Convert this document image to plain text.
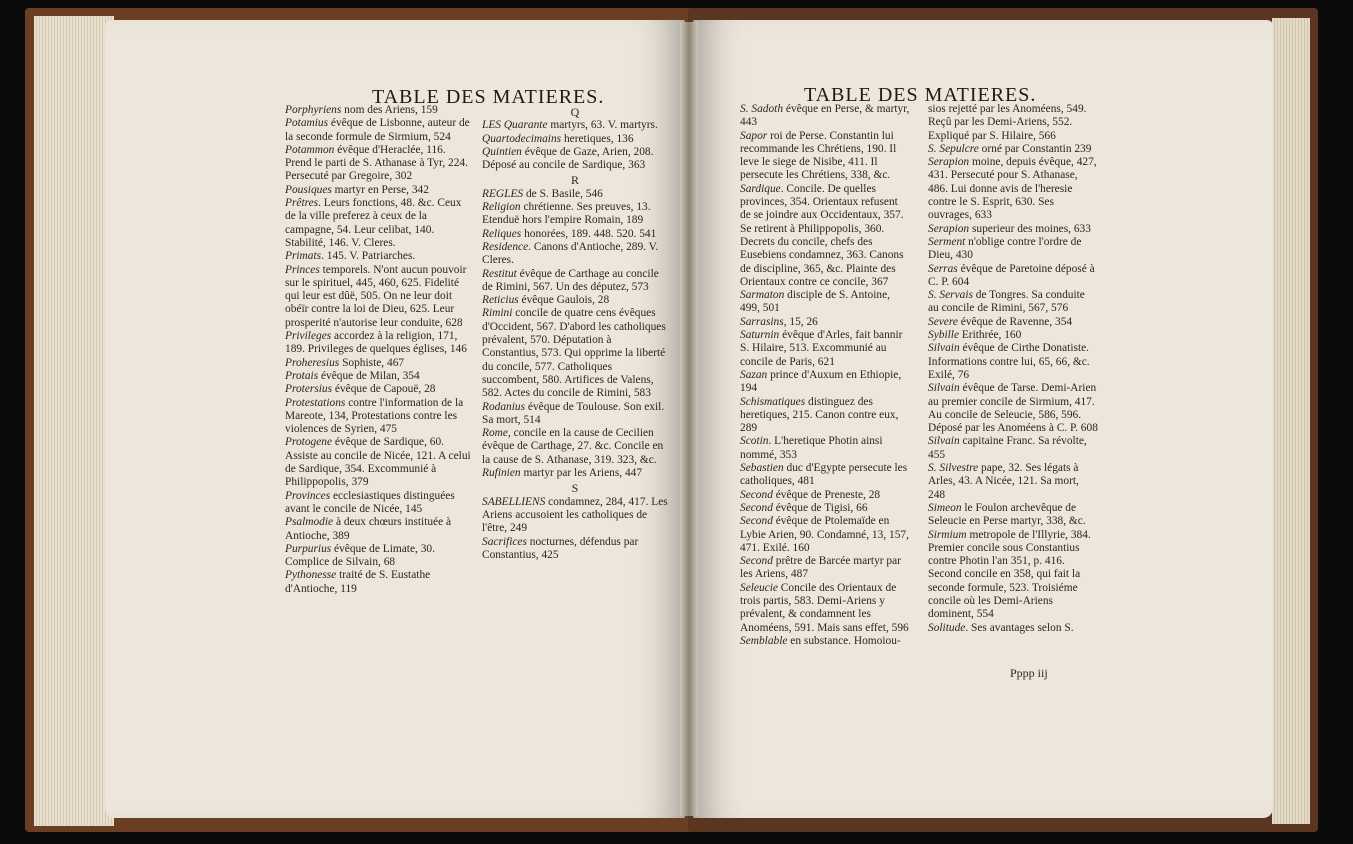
TABLE DES MATIERES.	TABLE DES MATIERES.

Porphyriens nom des Ariens, 159

Potamius évêque de Lisbonne, auteur de la seconde formule de Sirmium, 524

Potammon évêque d'Heraclée, 116. Prend le parti de S. Athanase à Tyr, 224. Persecuté par Gregoire, 302

Pousiques martyr en Perse, 342

Prêtres. Leurs fonctions, 48. &c. Ceux de la ville preferez à ceux de la campagne, 54. Leur celibat, 140. Stabilité, 146. V. Cleres.

Primats. 145. V. Patriarches.

Princes temporels. N'ont aucun pouvoir sur le spirituel, 445, 460, 625. Fidelité qui leur est dûë, 505. On ne leur doit obéïr contre la loi de Dieu, 625. Leur prosperité n'autorise leur conduite, 628

Privileges accordez à la religion, 171, 189. Privileges de quelques églises, 146

Proheresius Sophiste, 467

Protais évêque de Milan, 354

Protersius évêque de Capouë, 28

Protestations contre l'information de la Mareote, 134, Protestations contre les violences de Syrien, 475

Protogene évêque de Sardique, 60. Assiste au concile de Nicée, 121. A celui de Sardique, 354. Excommunié à Philippopolis, 379

Provinces ecclesiastiques distinguées avant le concile de Nicée, 145

Psalmodie à deux chœurs instituée à Antioche, 389

Purpurius évêque de Limate, 30. Complice de Silvain, 68

Pythonesse traité de S. Eustathe d'Antioche, 119

Q

LES Quarante martyrs, 63. V. martyrs.

Quartodecimains heretiques, 136

Quintien évêque de Gaze, Arien, 208. Déposé au concile de Sardique, 363

R

REGLES de S. Basile, 546

Religion chrétienne. Ses preuves, 13. Etenduë hors l'empire Romain, 189

Reliques honorées, 189. 448. 520. 541

Residence. Canons d'Antioche, 289. V. Cleres.

Restitut évêque de Carthage au concile de Rimini, 567. Un des députez, 573

Reticius évêque Gaulois, 28

Rimini concile de quatre cens évêques d'Occident, 567. D'abord les catholiques prévalent, 570. Députation à Constantius, 573. Qui opprime la liberté du concile, 577. Catholiques succombent, 580. Artifices de Valens, 582. Actes du concile de Rimini, 583

Rodanius évêque de Toulouse. Son exil. Sa mort, 514

Rome, concile en la cause de Cecilien évêque de Carthage, 27. &c. Concile en la cause de S. Athanase, 319. 323, &c.

Rufinien martyr par les Ariens, 447

S

SABELLIENS condamnez, 284, 417. Les Ariens accusoient les catholiques de l'être, 249

Sacrifices nocturnes, défendus par Constantius, 425

S. Sadoth évêque en Perse, & martyr, 443

Sapor roi de Perse. Constantin lui recommande les Chrétiens, 190. Il leve le siege de Nisibe, 411. Il persecute les Chrétiens, 338, &c.

Sardique. Concile. De quelles provinces, 354. Orientaux refusent de se joindre aux Occidentaux, 357. Se retirent à Philippopolis, 360. Decrets du concile, chefs des Eusebiens condamnez, 363. Canons de discipline, 365, &c. Plainte des Orientaux contre ce concile, 367

Sarmaton disciple de S. Antoine, 499, 501

Sarrasins, 15, 26

Saturnin évêque d'Arles, fait bannir S. Hilaire, 513. Excommunié au concile de Paris, 621

Sazan prince d'Auxum en Ethiopie, 194

Schismatiques distinguez des heretiques, 215. Canon contre eux, 289

Scotin. L'heretique Photin ainsi nommé, 353

Sebastien duc d'Egypte persecute les catholiques, 481

Second évêque de Preneste, 28

Second évêque de Tigisi, 66

Second évêque de Ptolemaïde en Lybie Arien, 90. Condamné, 13, 157, 471. Exilé. 160

Second prêtre de Barcée martyr par les Ariens, 487

Seleucie Concile des Orientaux de trois partis, 583. Demi-Ariens y prévalent, & condamnent les Anoméens, 591. Mais sans effet, 596

Semblable en substance. Homoiou-

sios rejetté par les Anoméens, 549. Reçû par les Demi-Ariens, 552. Expliqué par S. Hilaire, 566

S. Sepulcre orné par Constantin 239

Serapion moine, depuis évêque, 427, 431. Persecuté pour S. Athanase, 486. Lui donne avis de l'heresie contre le S. Esprit, 630. Ses ouvrages, 633

Serapion superieur des moines, 633

Serment n'oblige contre l'ordre de Dieu, 430

Serras évêque de Paretoine déposé à C. P. 604

S. Servais de Tongres. Sa conduite au concile de Rimini, 567, 576

Severe évêque de Ravenne, 354

Sybille Erithrée, 160

Silvain évêque de Cirthe Donatiste. Informations contre lui, 65, 66, &c. Exilé, 76

Silvain évêque de Tarse. Demi-Arien au premier concile de Sirmium, 417. Au concile de Seleucie, 586, 596. Déposé par les Anoméens à C. P. 608

Silvain capitaine Franc. Sa révolte, 455

S. Silvestre pape, 32. Ses légats à Arles, 43. A Nicée, 121. Sa mort, 248

Simeon le Foulon archevêque de Seleucie en Perse martyr, 338, &c.

Sirmium metropole de l'Illyrie, 384. Premier concile sous Constantius contre Photin l'an 351, p. 416. Second concile en 358, qui fait la seconde formule, 523. Troisiéme concile où les Demi-Ariens dominent, 554

Solitude. Ses avantages selon S.

Pppp iij
